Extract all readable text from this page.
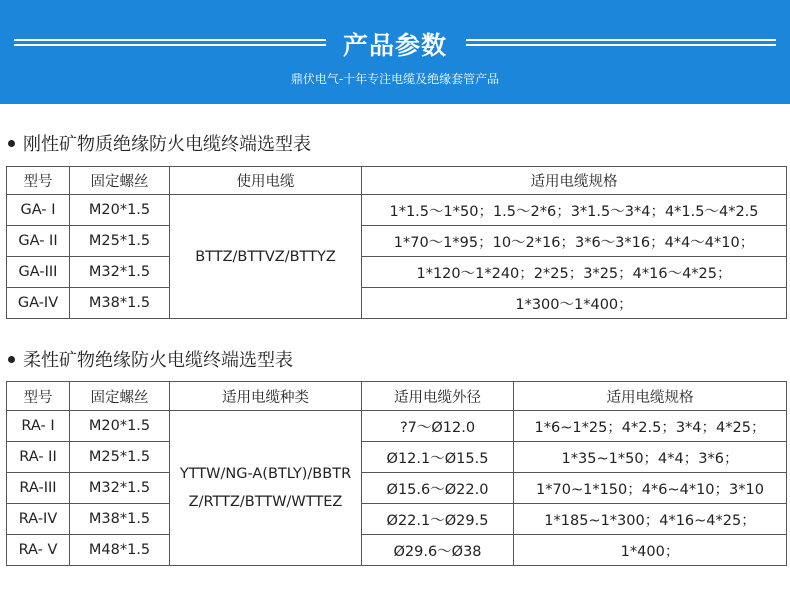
产品参数
鼎伏电气-十年专注电缆及绝缘套管产品
刚性矿物质绝缘防火电缆终端选型表
型号	固定螺丝	使用电缆	适用电缆规格
GA- I	M20*1.5	BTTZ/BTTVZ/BTTYZ	1*1.5～1*50；1.5～2*6；3*1.5～3*4；4*1.5～4*2.5
GA- II	M25*1.5		1*70～1*95；10～2*16；3*6～3*16；4*4～4*10；
GA-III	M32*1.5		1*120～1*240；2*25；3*25；4*16～4*25；
GA-IV	M38*1.5		1*300～1*400；
柔性矿物绝缘防火电缆终端选型表
型号	固定螺丝	适用电缆种类	适用电缆外径	适用电缆规格
RA- I	M20*1.5	YTTW/NG-A(BTLY)/BBTRZ/RTTZ/BTTW/WTTEZ	?7～Ø12.0	1*6~1*25；4*2.5；3*4；4*25；
RA- II	M25*1.5		Ø12.1～Ø15.5	1*35~1*50；4*4；3*6；
RA-III	M32*1.5		Ø15.6～Ø22.0	1*70~1*150；4*6~4*10；3*10
RA-IV	M38*1.5		Ø22.1～Ø29.5	1*185~1*300；4*16~4*25；
RA- V	M48*1.5		Ø29.6～Ø38	1*400；
